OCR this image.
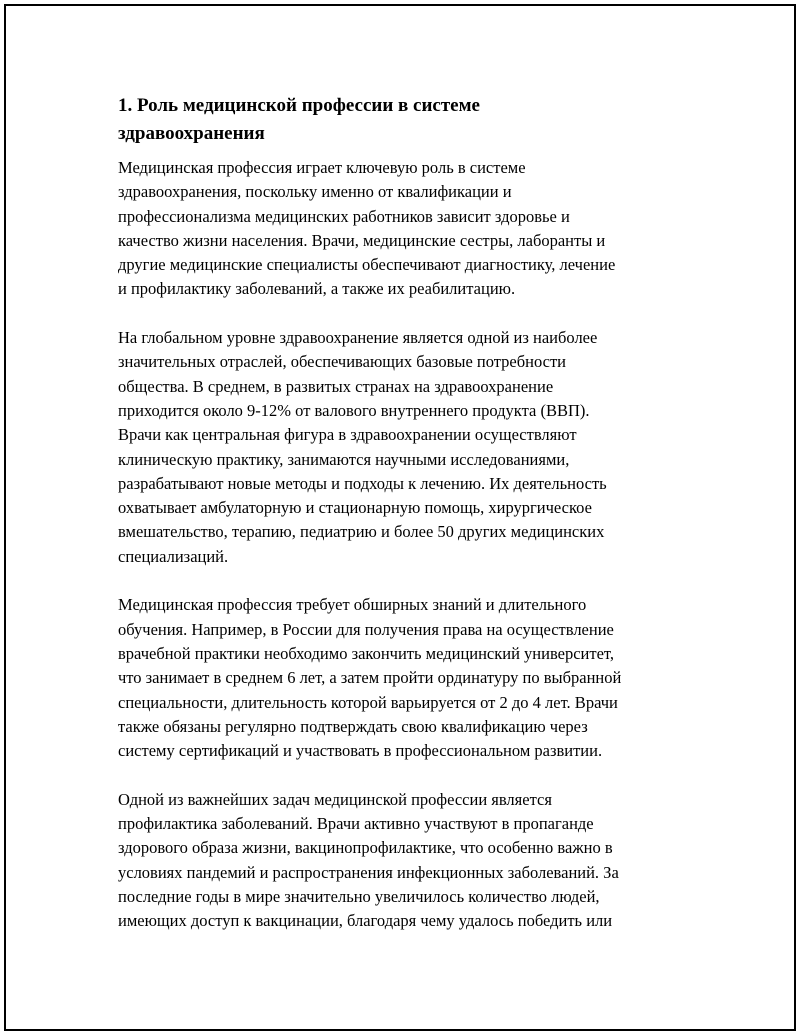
1. Роль медицинской профессии в системе
здравоохранения

Медицинская профессия играет ключевую роль в системе
здравоохранения, поскольку именно от квалификации и
профессионализма медицинских работников зависит здоровье и
качество жизни населения. Врачи, медицинские сестры, лаборанты и
другие медицинские специалисты обеспечивают диагностику, лечение
и профилактику заболеваний, а также их реабилитацию.

На глобальном уровне здравоохранение является одной из наиболее
значительных отраслей, обеспечивающих базовые потребности
общества. В среднем, в развитых странах на здравоохранение
приходится около 9-12% от валового внутреннего продукта (ВВП).
Врачи как центральная фигура в здравоохранении осуществляют
клиническую практику, занимаются научными исследованиями,
разрабатывают новые методы и подходы к лечению. Их деятельность
охватывает амбулаторную и стационарную помощь, хирургическое
вмешательство, терапию, педиатрию и более 50 других медицинских
специализаций.

Медицинская профессия требует обширных знаний и длительного
обучения. Например, в России для получения права на осуществление
врачебной практики необходимо закончить медицинский университет,
что занимает в среднем 6 лет, а затем пройти ординатуру по выбранной
специальности, длительность которой варьируется от 2 до 4 лет. Врачи
также обязаны регулярно подтверждать свою квалификацию через
систему сертификаций и участвовать в профессиональном развитии.

Одной из важнейших задач медицинской профессии является
профилактика заболеваний. Врачи активно участвуют в пропаганде
здорового образа жизни, вакцинопрофилактике, что особенно важно в
условиях пандемий и распространения инфекционных заболеваний. За
последние годы в мире значительно увеличилось количество людей,
имеющих доступ к вакцинации, благодаря чему удалось победить или
